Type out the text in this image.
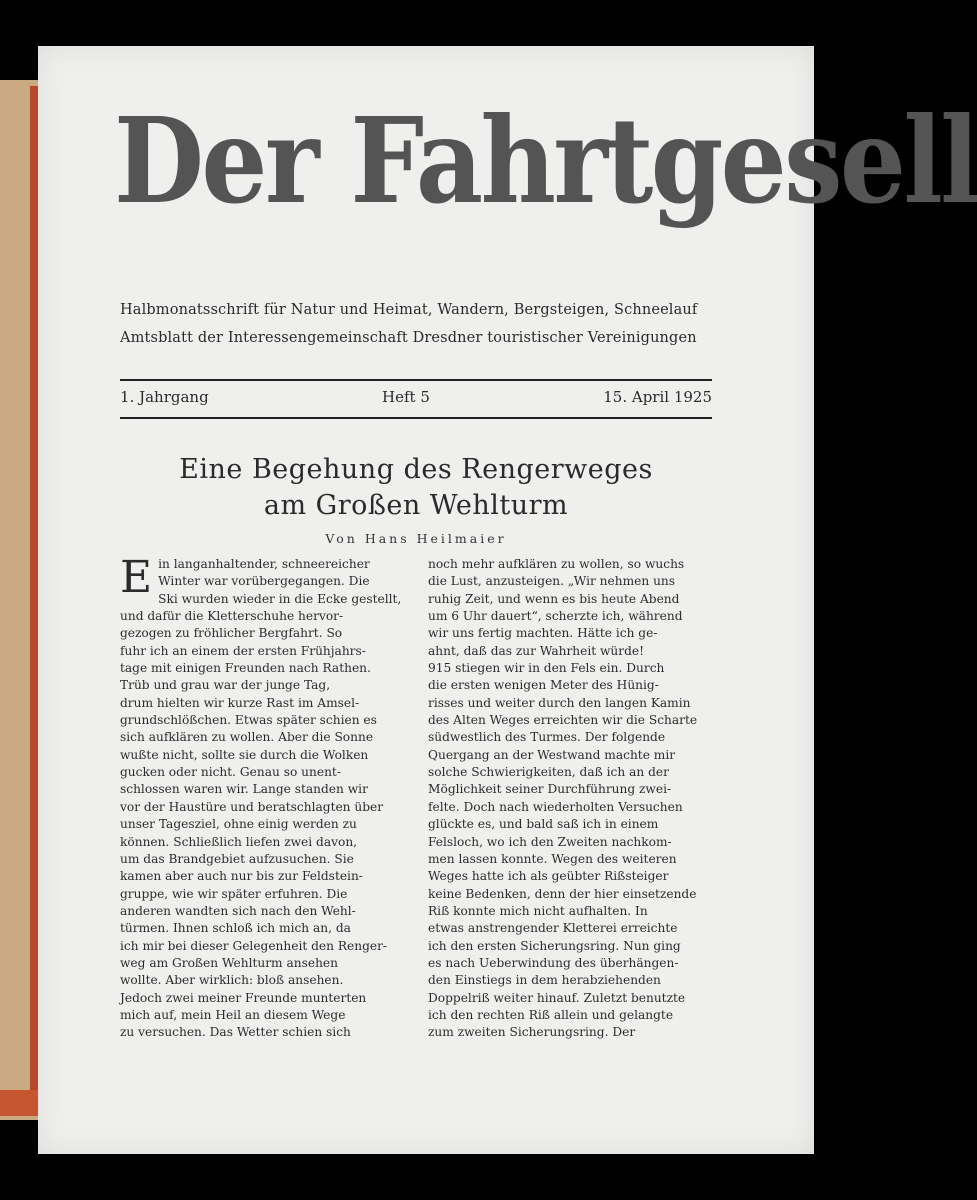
Der Fahrtgesell
Halbmonatsschrift für Natur und Heimat, Wandern, Bergsteigen, Schneelauf
Amtsblatt der Interessengemeinschaft Dresdner touristischer Vereinigungen
1. Jahrgang	Heft 5	15. April 1925
Eine Begehung des Rengerweges
am Großen Wehlturm
Von Hans Heilmaier
E in langanhaltender, schneereicher
Winter war vorübergegangen. Die
Ski wurden wieder in die Ecke gestellt,
und dafür die Kletterschuhe hervor-
gezogen zu fröhlicher Bergfahrt. So
fuhr ich an einem der ersten Frühjahrs-
tage mit einigen Freunden nach Rathen.
Trüb und grau war der junge Tag,
drum hielten wir kurze Rast im Amsel-
grundschlößchen. Etwas später schien es
sich aufklären zu wollen. Aber die Sonne
wußte nicht, sollte sie durch die Wolken
gucken oder nicht. Genau so unent-
schlossen waren wir. Lange standen wir
vor der Haustüre und beratschlagten über
unser Tagesziel, ohne einig werden zu
können. Schließlich liefen zwei davon,
um das Brandgebiet aufzusuchen. Sie
kamen aber auch nur bis zur Feldstein-
gruppe, wie wir später erfuhren. Die
anderen wandten sich nach den Wehl-
türmen. Ihnen schloß ich mich an, da
ich mir bei dieser Gelegenheit den Renger-
weg am Großen Wehlturm ansehen
wollte. Aber wirklich: bloß ansehen.
Jedoch zwei meiner Freunde munterten
mich auf, mein Heil an diesem Wege
zu versuchen. Das Wetter schien sich
noch mehr aufklären zu wollen, so wuchs
die Lust, anzusteigen. „Wir nehmen uns
ruhig Zeit, und wenn es bis heute Abend
um 6 Uhr dauert“, scherzte ich, während
wir uns fertig machten. Hätte ich ge-
ahnt, daß das zur Wahrheit würde!
915 stiegen wir in den Fels ein. Durch
die ersten wenigen Meter des Hünig-
risses und weiter durch den langen Kamin
des Alten Weges erreichten wir die Scharte
südwestlich des Turmes. Der folgende
Quergang an der Westwand machte mir
solche Schwierigkeiten, daß ich an der
Möglichkeit seiner Durchführung zwei-
felte. Doch nach wiederholten Versuchen
glückte es, und bald saß ich in einem
Felsloch, wo ich den Zweiten nachkom-
men lassen konnte. Wegen des weiteren
Weges hatte ich als geübter Rißsteiger
keine Bedenken, denn der hier einsetzende
Riß konnte mich nicht aufhalten. In
etwas anstrengender Kletterei erreichte
ich den ersten Sicherungsring. Nun ging
es nach Ueberwindung des überhängen-
den Einstiegs in dem herabziehenden
Doppelriß weiter hinauf. Zuletzt benutzte
ich den rechten Riß allein und gelangte
zum zweiten Sicherungsring. Der
